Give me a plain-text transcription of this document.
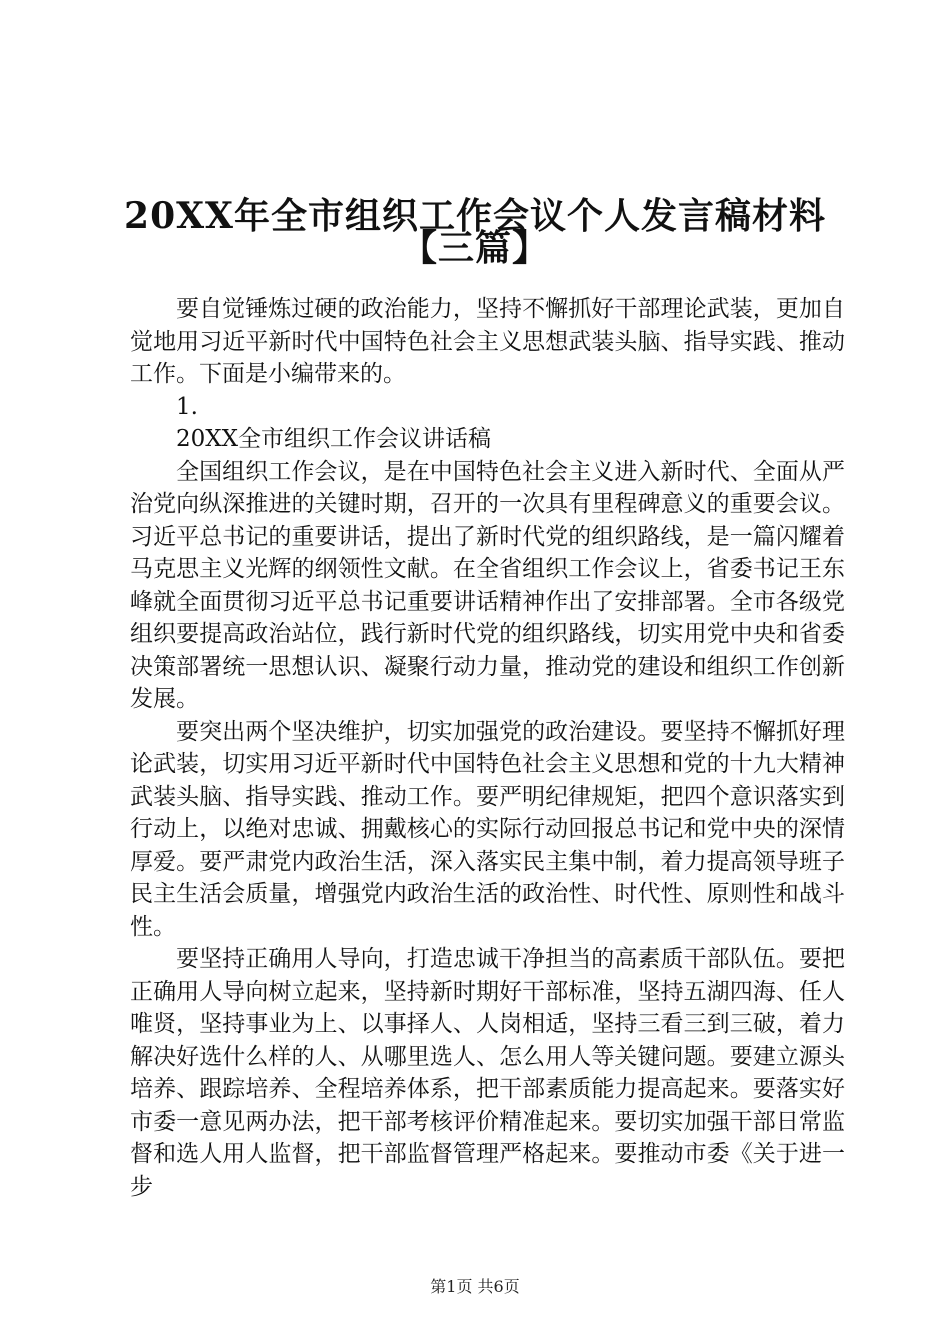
20XX年全市组织工作会议个人发言稿材料
【三篇】

要自觉锤炼过硬的政治能力，坚持不懈抓好干部理论武装，更加自觉地用习近平新时代中国特色社会主义思想武装头脑、指导实践、推动工作。下面是小编带来的。

1.

20XX全市组织工作会议讲话稿

全国组织工作会议，是在中国特色社会主义进入新时代、全面从严治党向纵深推进的关键时期，召开的一次具有里程碑意义的重要会议。习近平总书记的重要讲话，提出了新时代党的组织路线，是一篇闪耀着马克思主义光辉的纲领性文献。在全省组织工作会议上，省委书记王东峰就全面贯彻习近平总书记重要讲话精神作出了安排部署。全市各级党组织要提高政治站位，践行新时代党的组织路线，切实用党中央和省委决策部署统一思想认识、凝聚行动力量，推动党的建设和组织工作创新发展。

要突出两个坚决维护，切实加强党的政治建设。要坚持不懈抓好理论武装，切实用习近平新时代中国特色社会主义思想和党的十九大精神武装头脑、指导实践、推动工作。要严明纪律规矩，把四个意识落实到行动上，以绝对忠诚、拥戴核心的实际行动回报总书记和党中央的深情厚爱。要严肃党内政治生活，深入落实民主集中制，着力提高领导班子民主生活会质量，增强党内政治生活的政治性、时代性、原则性和战斗性。

要坚持正确用人导向，打造忠诚干净担当的高素质干部队伍。要把正确用人导向树立起来，坚持新时期好干部标准，坚持五湖四海、任人唯贤，坚持事业为上、以事择人、人岗相适，坚持三看三到三破，着力解决好选什么样的人、从哪里选人、怎么用人等关键问题。要建立源头培养、跟踪培养、全程培养体系，把干部素质能力提高起来。要落实好市委一意见两办法，把干部考核评价精准起来。要切实加强干部日常监督和选人用人监督，把干部监督管理严格起来。要推动市委《关于进一步

第1页 共6页
